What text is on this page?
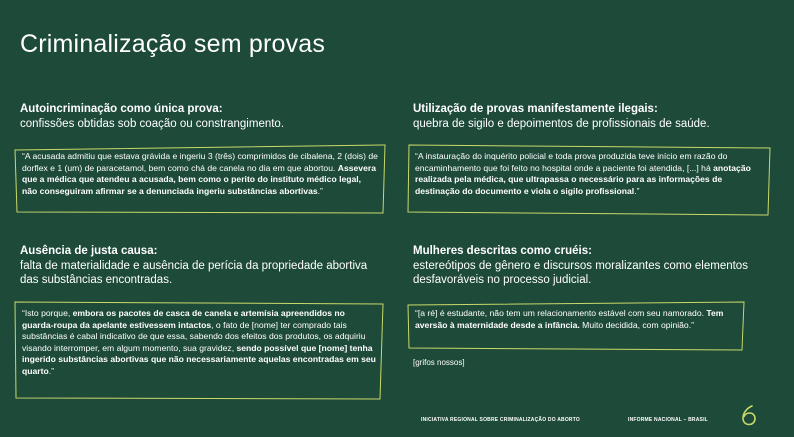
Criminalização sem provas
Autoincriminação como única prova:
confissões obtidas sob coação ou constrangimento.
“A acusada admitiu que estava grávida e ingeriu 3 (três) comprimidos de cibalena, 2 (dois) de dorflex e 1 (um) de paracetamol, bem como chá de canela no dia em que abortou. Assevera que a médica que atendeu a acusada, bem como o perito do instituto médico legal, não conseguiram afirmar se a denunciada ingeriu substâncias abortivas.”
Utilização de provas manifestamente ilegais:
quebra de sigilo e depoimentos de profissionais de saúde.
“A instauração do inquérito policial e toda prova produzida teve início em razão do encaminhamento que foi feito no hospital onde a paciente foi atendida, [...] há anotação realizada pela médica, que ultrapassa o necessário para as informações de destinação do documento e viola o sigilo profissional.”
Ausência de justa causa:
falta de materialidade e ausência de perícia da propriedade abortiva das substâncias encontradas.
“Isto porque, embora os pacotes de casca de canela e artemísia apreendidos no guarda-roupa da apelante estivessem intactos, o fato de [nome] ter comprado tais substâncias é cabal indicativo de que essa, sabendo dos efeitos dos produtos, os adquiriu visando interromper, em algum momento, sua gravidez, sendo possível que [nome] tenha ingerido substâncias abortivas que não necessariamente aquelas encontradas em seu quarto.”
Mulheres descritas como cruéis:
estereótipos de gênero e discursos moralizantes como elementos desfavoráveis no processo judicial.
“[a ré] é estudante, não tem um relacionamento estável com seu namorado. Tem aversão à maternidade desde a infância. Muito decidida, com opinião.”
[grifos nossos]
INICIATIVA REGIONAL SOBRE CRIMINALIZAÇÃO DO ABORTO	INFORME NACIONAL – BRASIL
